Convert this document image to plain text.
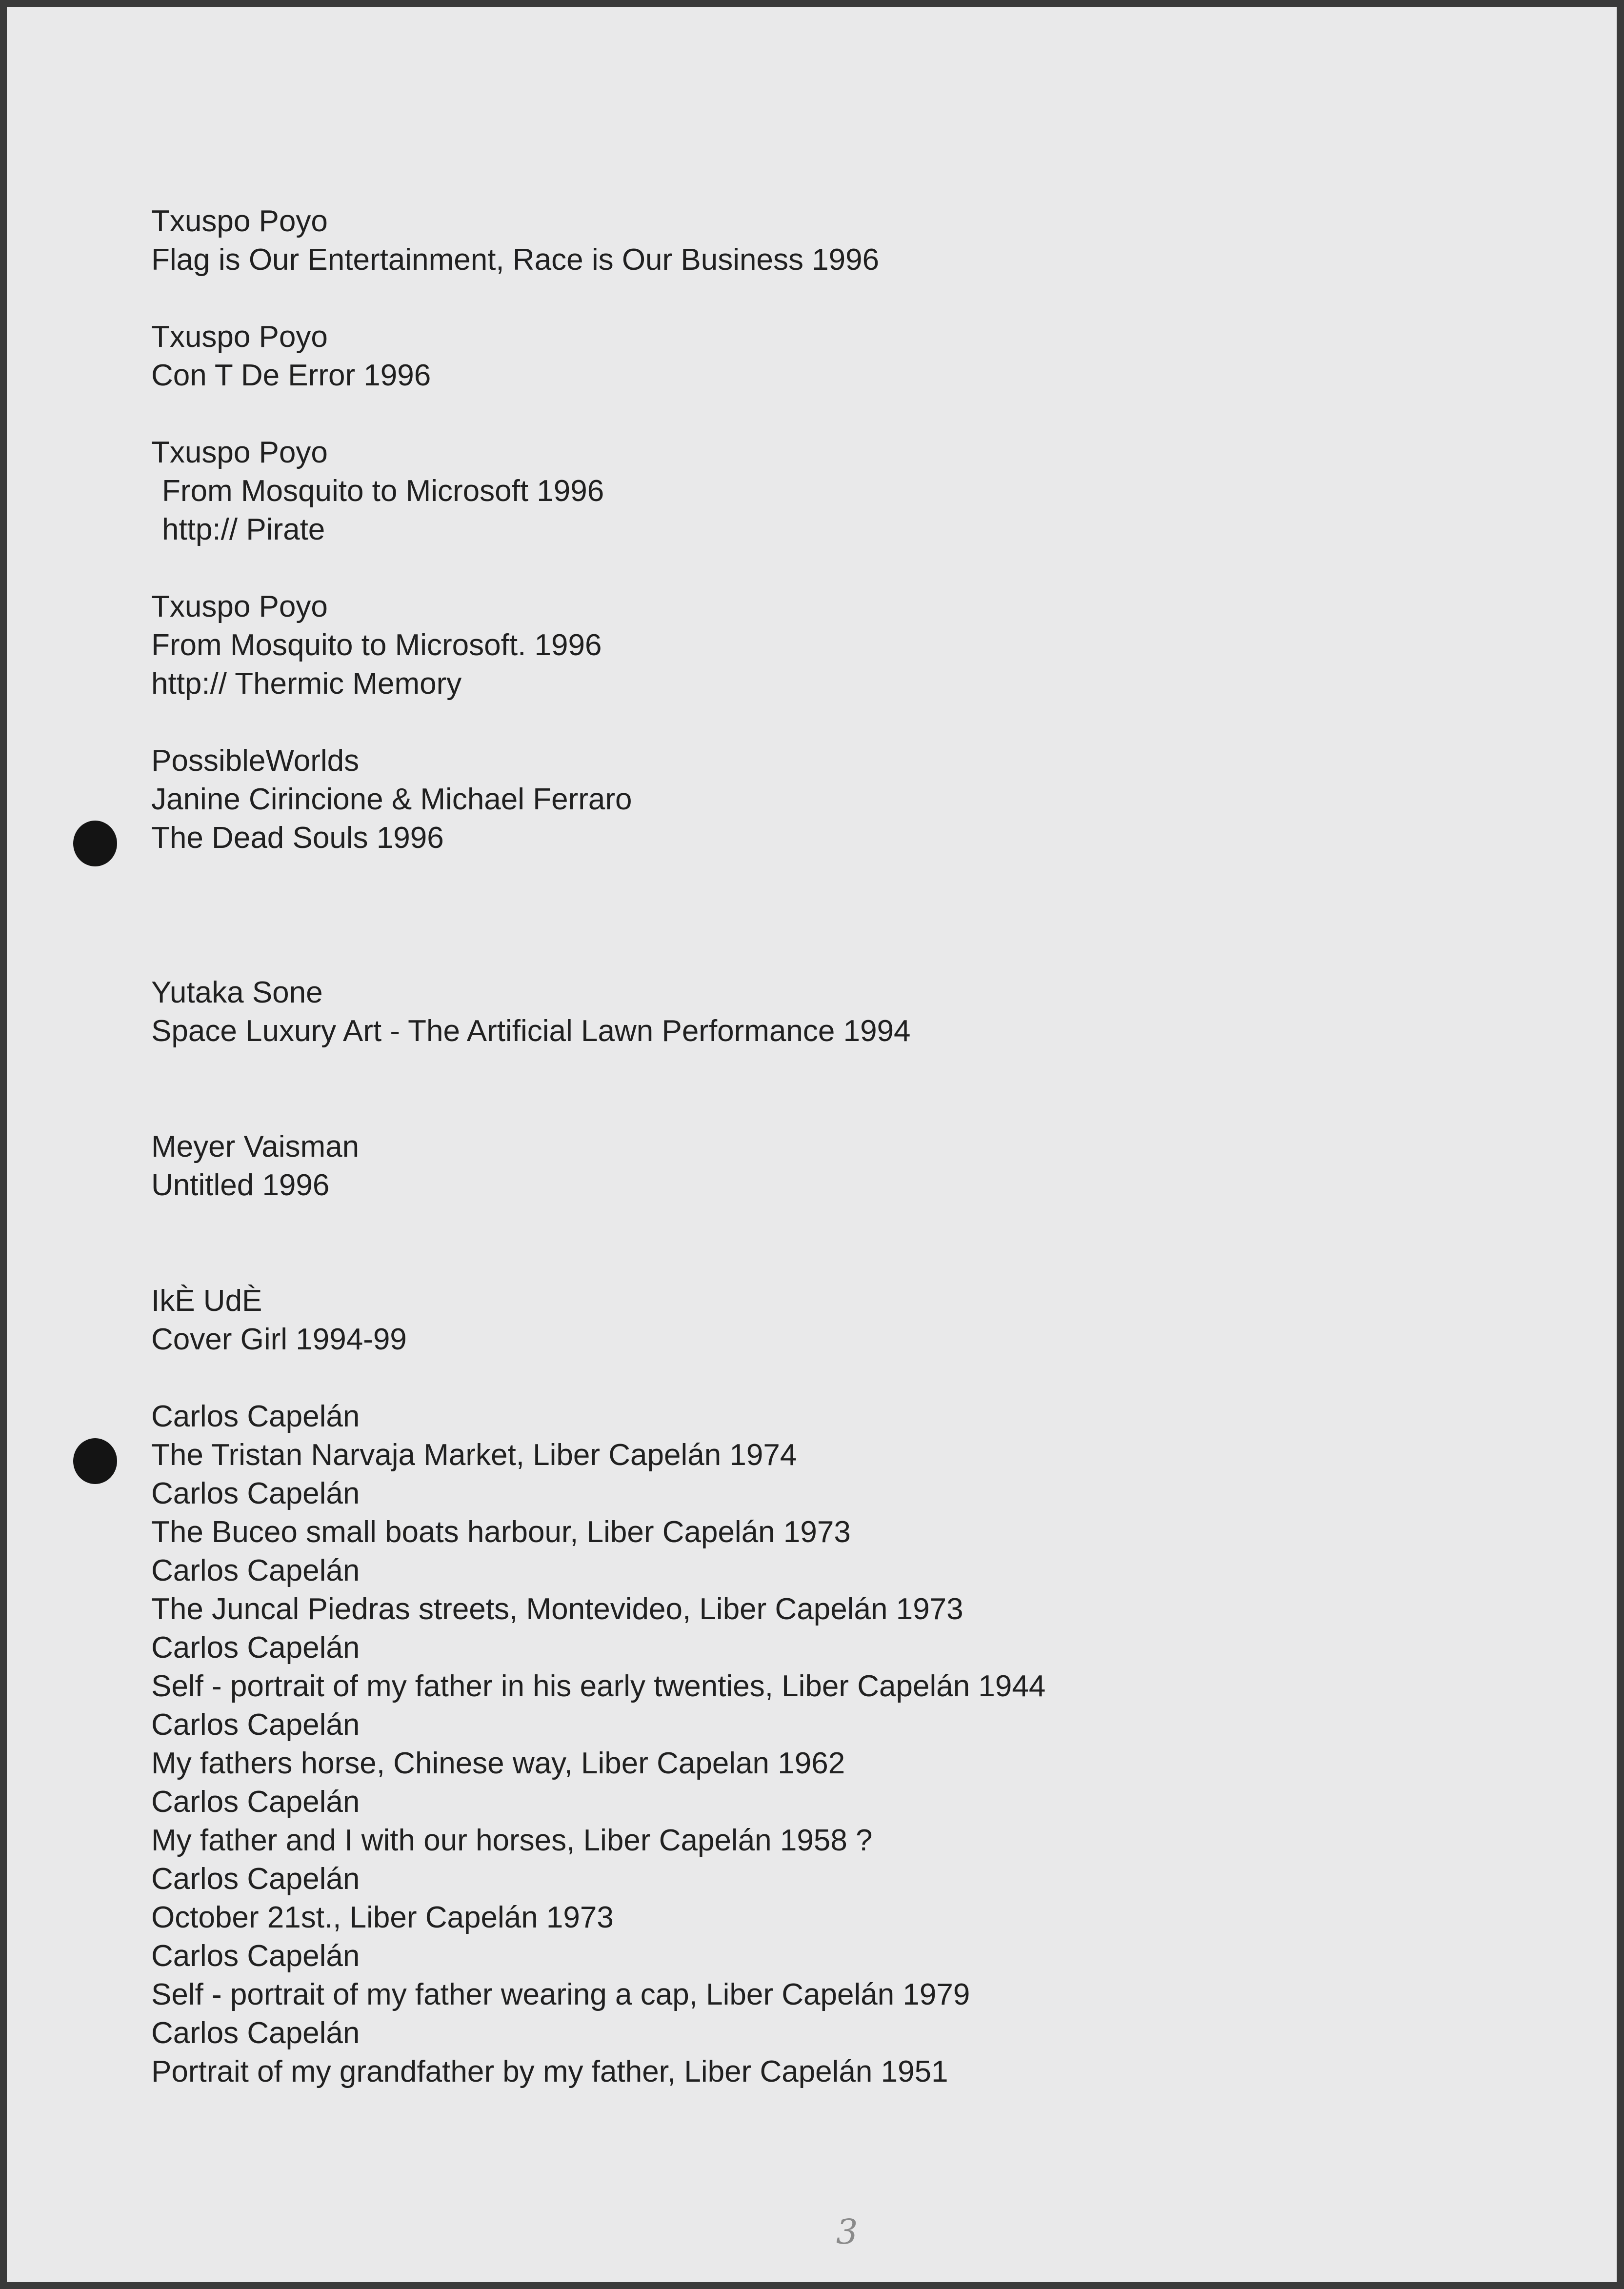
Txuspo Poyo
Flag is Our Entertainment, Race is Our Business 1996
Txuspo Poyo
Con T De Error 1996
Txuspo Poyo
From Mosquito to Microsoft 1996
http:// Pirate
Txuspo Poyo
From Mosquito to Microsoft. 1996
http:// Thermic Memory
PossibleWorlds
Janine Cirincione & Michael Ferraro
The Dead Souls 1996
Yutaka Sone
Space Luxury Art - The Artificial Lawn Performance 1994
Meyer Vaisman
Untitled 1996
IkÈ UdÈ
Cover Girl 1994-99
Carlos Capelán
The Tristan Narvaja Market, Liber Capelán 1974
Carlos Capelán
The Buceo small boats harbour, Liber Capelán 1973
Carlos Capelán
The Juncal Piedras streets, Montevideo, Liber Capelán 1973
Carlos Capelán
Self - portrait of my father in his early twenties, Liber Capelán 1944
Carlos Capelán
My fathers horse, Chinese way, Liber Capelan 1962
Carlos Capelán
My father and I with our horses, Liber Capelán 1958 ?
Carlos Capelán
October 21st., Liber Capelán 1973
Carlos Capelán
Self - portrait of my father wearing a cap, Liber Capelán 1979
Carlos Capelán
Portrait of my grandfather by my father, Liber Capelán 1951
3
